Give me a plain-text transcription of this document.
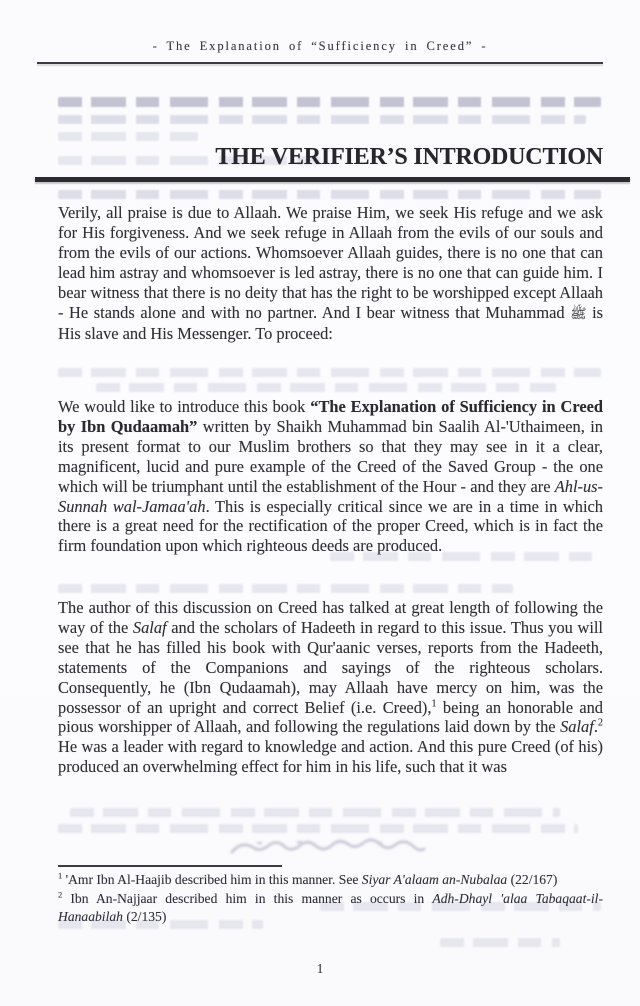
- The Explanation of “Sufficiency in Creed” -
THE VERIFIER’S INTRODUCTION

Verily, all praise is due to Allaah. We praise Him, we seek His refuge and we ask for His forgiveness. And we seek refuge in Allaah from the evils of our souls and from the evils of our actions. Whomsoever Allaah guides, there is no one that can lead him astray and whomsoever is led astray, there is no one that can guide him. I bear witness that there is no deity that has the right to be worshipped except Allaah - He stands alone and with no partner. And I bear witness that Muhammad ﷺ is His slave and His Messenger. To proceed:

We would like to introduce this book “The Explanation of Sufficiency in Creed by Ibn Qudaamah” written by Shaikh Muhammad bin Saalih Al-'Uthaimeen, in its present format to our Muslim brothers so that they may see in it a clear, magnificent, lucid and pure example of the Creed of the Saved Group - the one which will be triumphant until the establishment of the Hour - and they are Ahl-us-Sunnah wal-Jamaa'ah. This is especially critical since we are in a time in which there is a great need for the rectification of the proper Creed, which is in fact the firm foundation upon which righteous deeds are produced.

The author of this discussion on Creed has talked at great length of following the way of the Salaf and the scholars of Hadeeth in regard to this issue. Thus you will see that he has filled his book with Qur'aanic verses, reports from the Hadeeth, statements of the Companions and sayings of the righteous scholars. Consequently, he (Ibn Qudaamah), may Allaah have mercy on him, was the possessor of an upright and correct Belief (i.e. Creed),$^1$ being an honorable and pious worshipper of Allaah, and following the regulations laid down by the Salaf.$^2$ He was a leader with regard to knowledge and action. And this pure Creed (of his) produced an overwhelming effect for him in his life, such that it was

$^1$ 'Amr Ibn Al-Haajib described him in this manner. See Siyar A'alaam an-Nubalaa (22/167)

$^2$ Ibn An-Najjaar described him in this manner as occurs in Adh-Dhayl 'alaa Tabaqaat-il-Hanaabilah (2/135)

1
